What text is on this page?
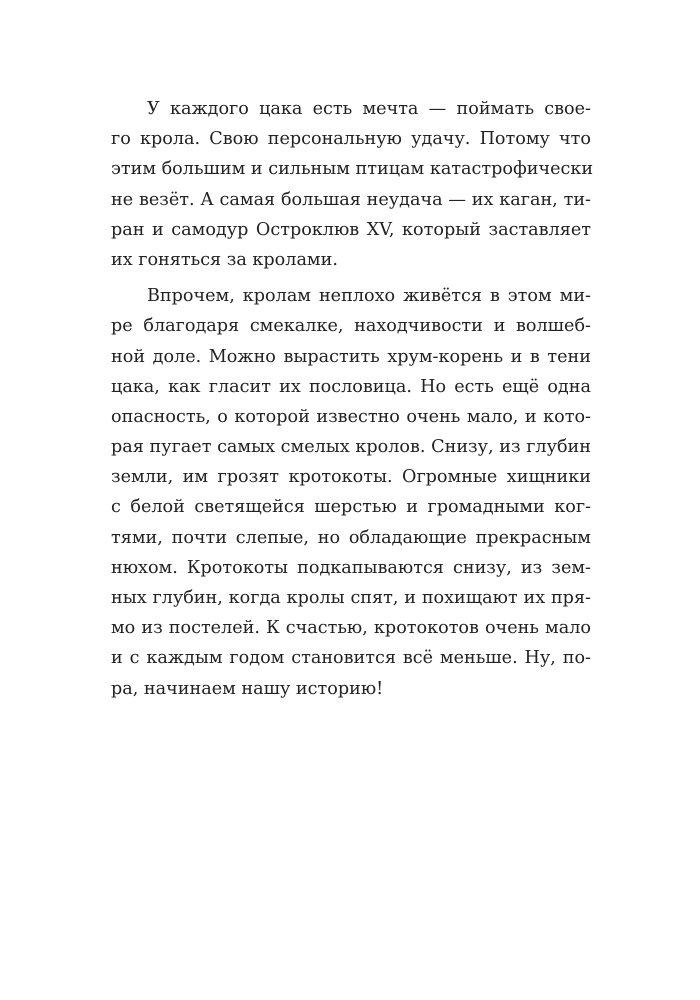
У каждого цака есть мечта — поймать свое-
го крола. Свою персональную удачу. Потому что
этим большим и сильным птицам катастрофически
не везёт. А самая большая неудача — их каган, ти-
ран и самодур Остроклюв XV, который заставляет
их гоняться за кролами.
Впрочем, кролам неплохо живётся в этом ми-
ре благодаря смекалке, находчивости и волшеб-
ной доле. Можно вырастить хрум-корень и в тени
цака, как гласит их пословица. Но есть ещё одна
опасность, о которой известно очень мало, и кото-
рая пугает самых смелых кролов. Снизу, из глубин
земли, им грозят кротокоты. Огромные хищники
с белой светящейся шерстью и громадными ког-
тями, почти слепые, но обладающие прекрасным
нюхом. Кротокоты подкапываются снизу, из зем-
ных глубин, когда кролы спят, и похищают их пря-
мо из постелей. К счастью, кротокотов очень мало
и с каждым годом становится всё меньше. Ну, по-
ра, начинаем нашу историю!
